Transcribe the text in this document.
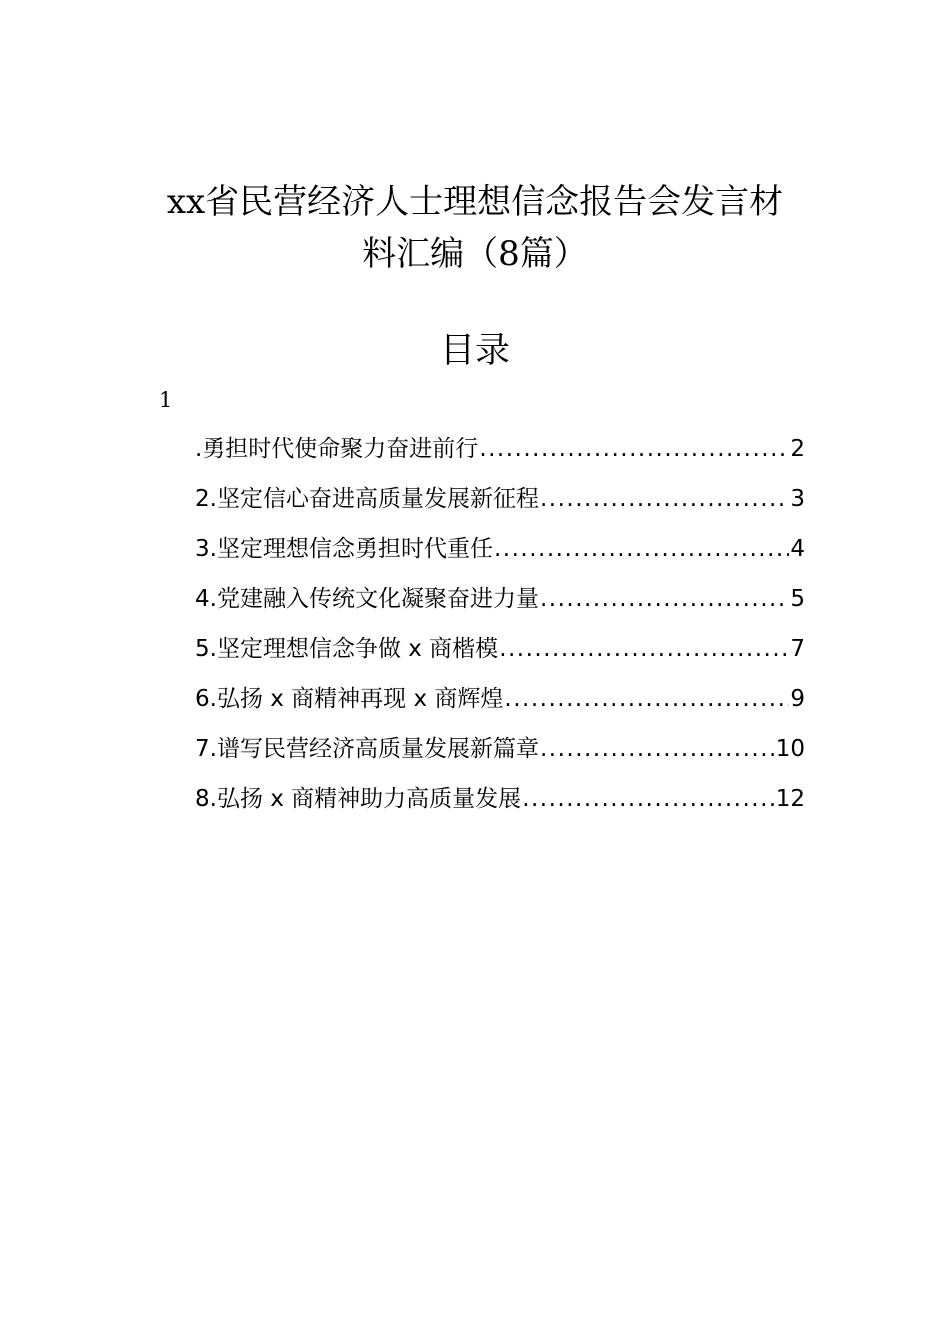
xx省民营经济人士理想信念报告会发言材
料汇编（8篇）
目录
1
.勇担时代使命聚力奋进前行 .....	2
2.坚定信心奋进高质量发展新征程 .....	3
3.坚定理想信念勇担时代重任 .....	4
4.党建融入传统文化凝聚奋进力量 .....	5
5.坚定理想信念争做 x 商楷模 .....	7
6.弘扬 x 商精神再现 x 商辉煌 .....	9
7.谱写民营经济高质量发展新篇章 .....	10
8.弘扬 x 商精神助力高质量发展 .....	12
